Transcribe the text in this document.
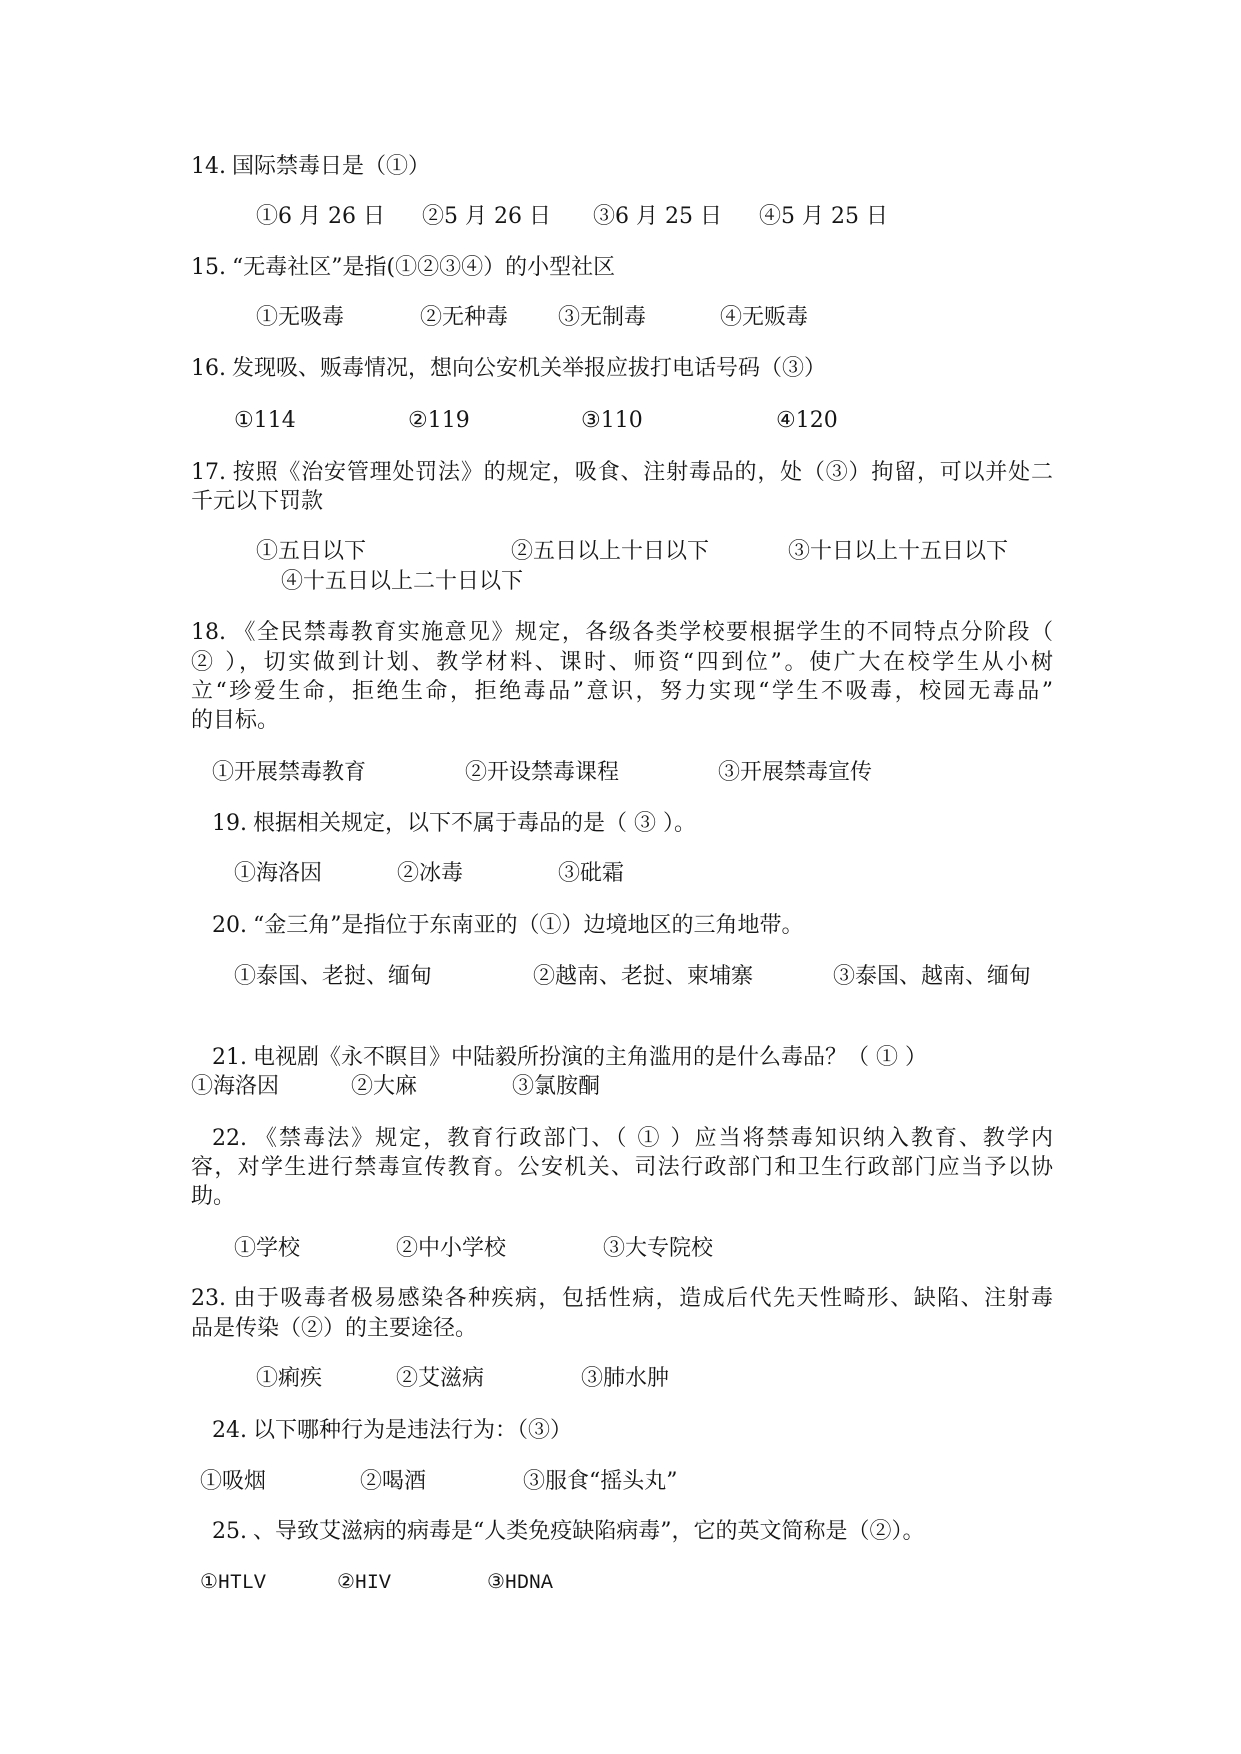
14. 国际禁毒日是（①）
①6 月 26 日 ②5 月 26 日 ③6 月 25 日 ④5 月 25 日
15. “无毒社区”是指(①②③④）的小型社区
①无吸毒	②无种毒 ③无制毒	④无贩毒
16. 发现吸、贩毒情况，想向公安机关举报应拔打电话号码（③）
①114	②119	③110	④120
17. 按照《治安管理处罚法》的规定，吸食、注射毒品的，处（③）拘留，可以并处二
千元以下罚款
①五日以下	②五日以上十日以下	③十日以上十五日以下
④十五日以上二十日以下
18. 《全民禁毒教育实施意见》规定，各级各类学校要根据学生的不同特点分阶段（
② ），切实做到计划、教学材料、课时、师资“四到位”。使广大在校学生从小树
立“珍爱生命，拒绝生命，拒绝毒品”意识，努力实现“学生不吸毒，校园无毒品”
的目标。
①开展禁毒教育	②开设禁毒课程	③开展禁毒宣传
19. 根据相关规定，以下不属于毒品的是（ ③ ）。
①海洛因	②冰毒	③砒霜
20. “金三角”是指位于东南亚的（①）边境地区的三角地带。
①泰国、老挝、缅甸	②越南、老挝、柬埔寨	③泰国、越南、缅甸
21. 电视剧《永不瞑目》中陆毅所扮演的主角滥用的是什么毒品？（ ① ）
①海洛因	②大麻	③氯胺酮
22. 《禁毒法》规定，教育行政部门、（ ① ）应当将禁毒知识纳入教育、教学内
容，对学生进行禁毒宣传教育。公安机关、司法行政部门和卫生行政部门应当予以协
助。
①学校	②中小学校	③大专院校
23. 由于吸毒者极易感染各种疾病，包括性病，造成后代先天性畸形、缺陷、注射毒
品是传染（②）的主要途径。
①痢疾	②艾滋病	③肺水肿
24. 以下哪种行为是违法行为：（③）
①吸烟	②喝酒	③服食“摇头丸”
25. 、导致艾滋病的病毒是“人类免疫缺陷病毒”，它的英文简称是（②）。
①HTLV	②HIV	③HDNA
